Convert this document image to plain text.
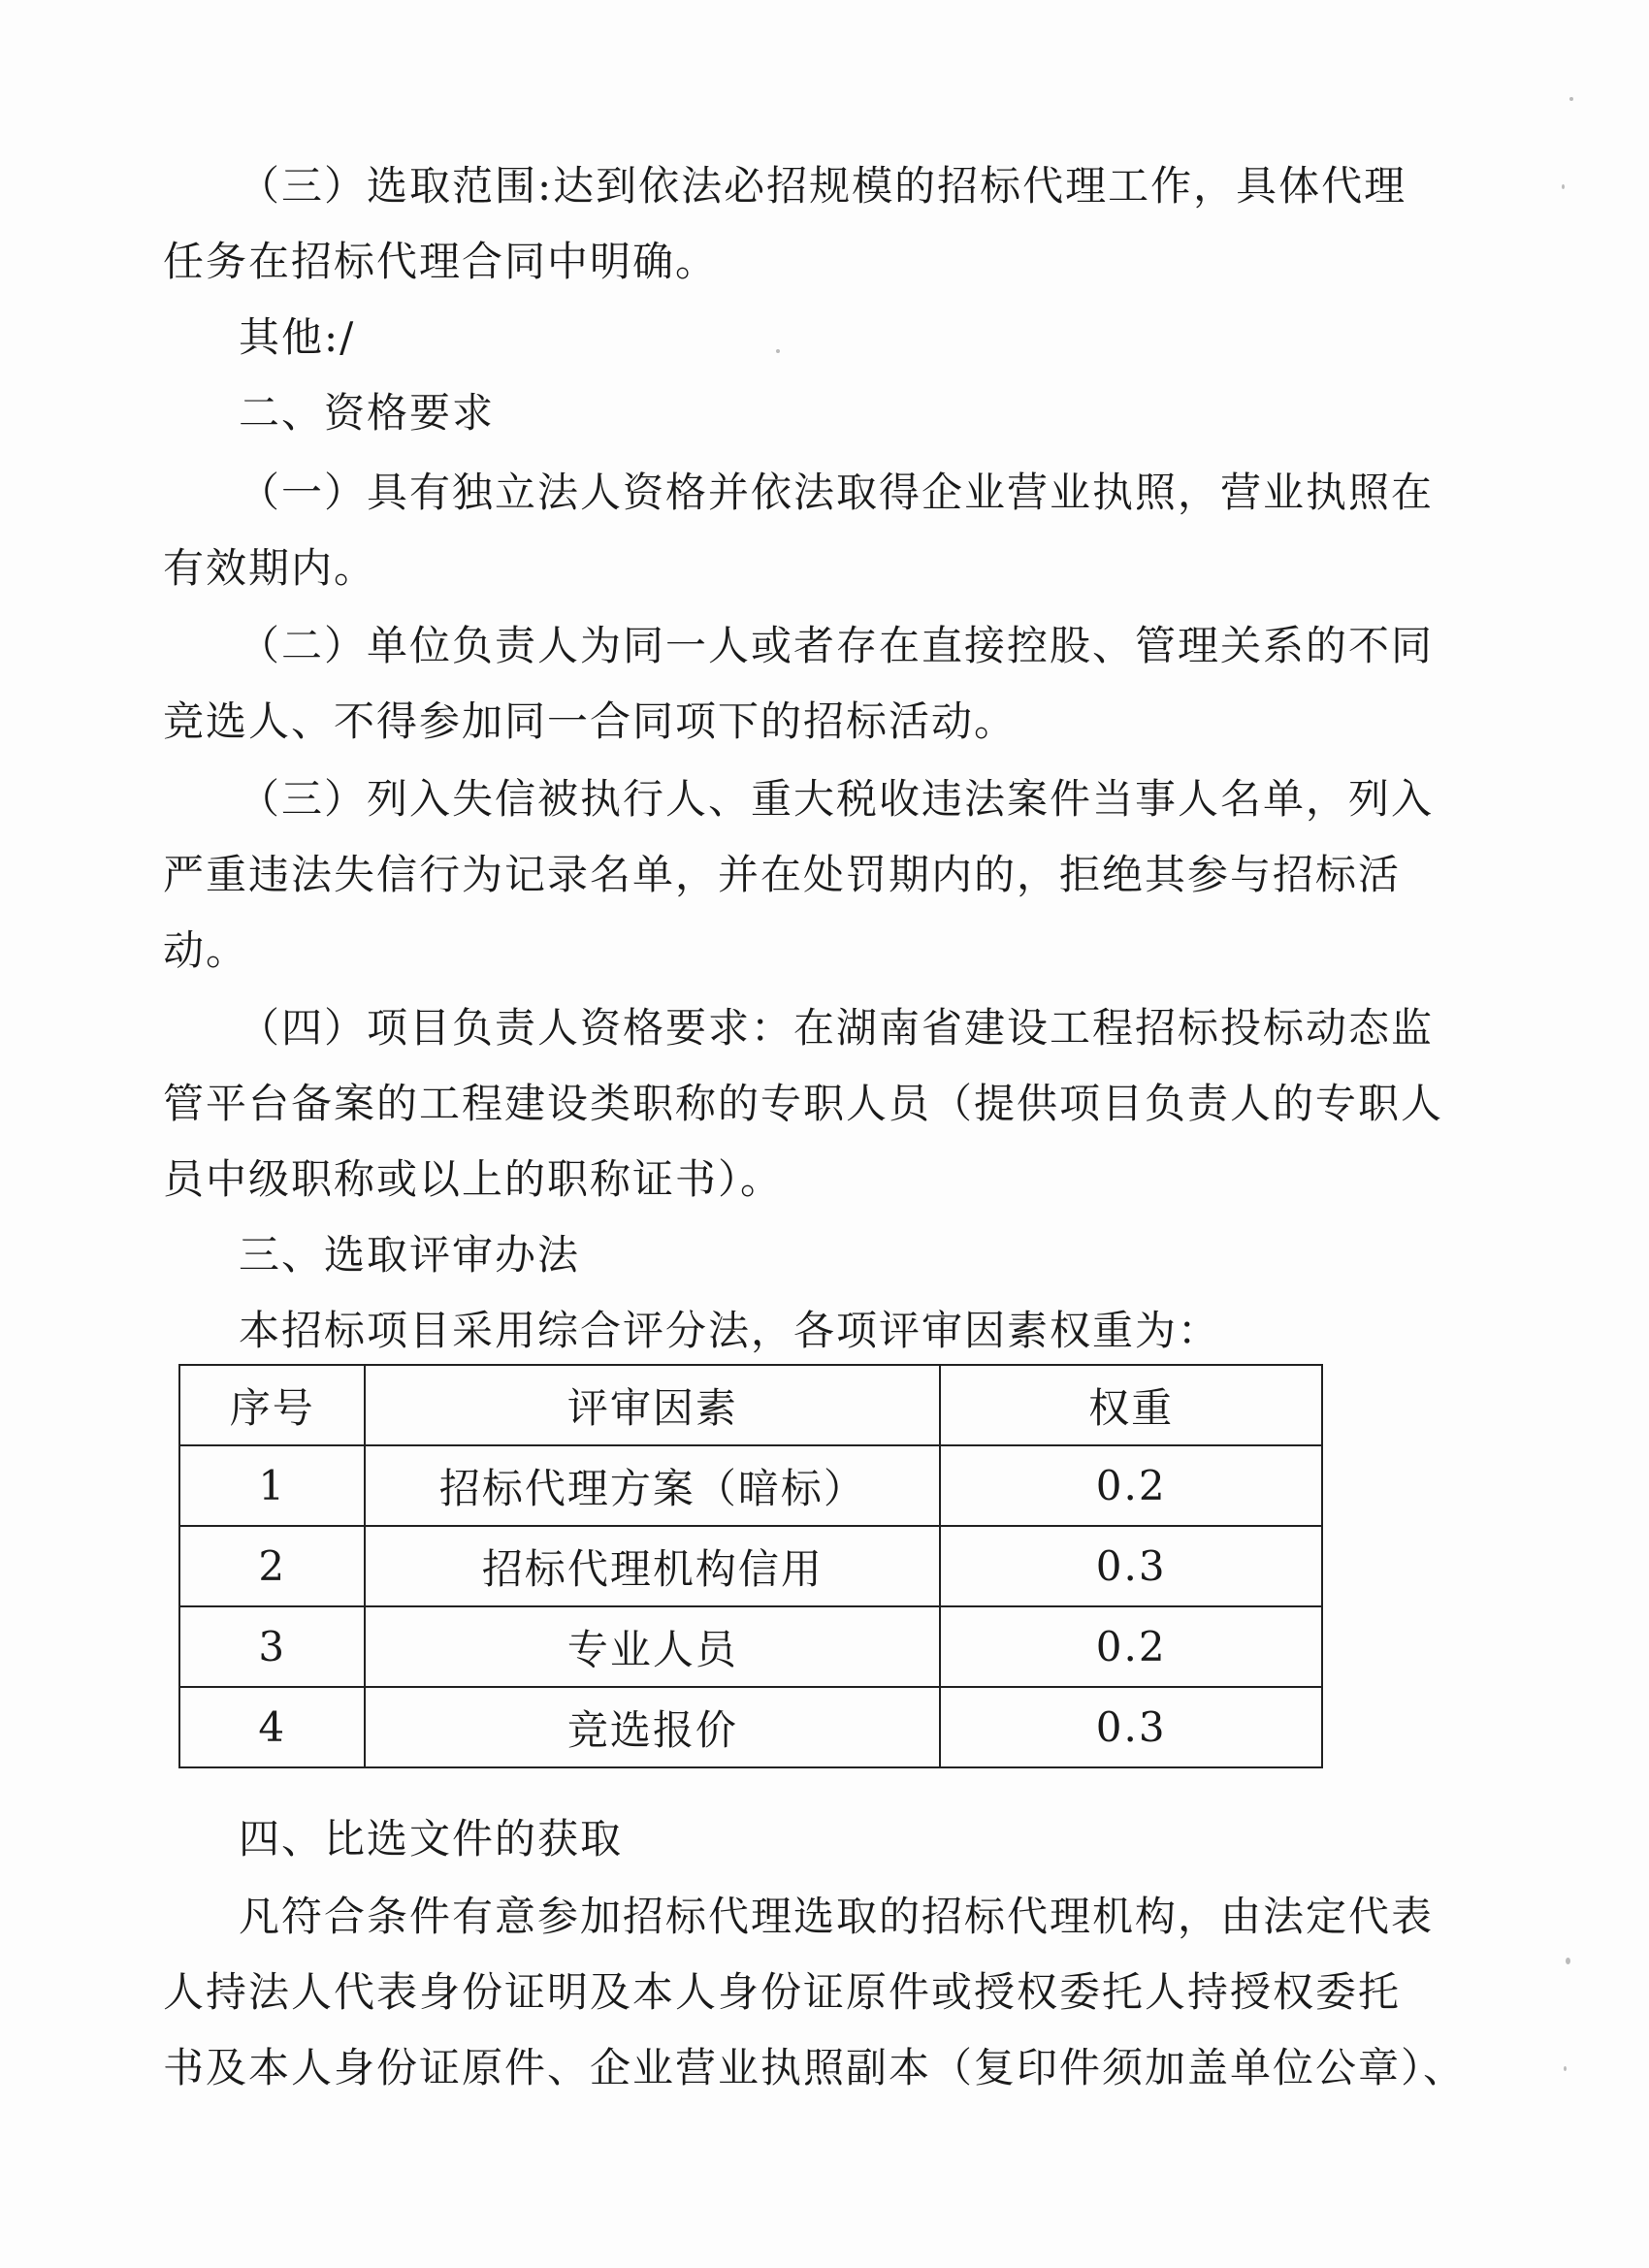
（三）选取范围:达到依法必招规模的招标代理工作，具体代理
任务在招标代理合同中明确。
其他:/
二、资格要求
（一）具有独立法人资格并依法取得企业营业执照，营业执照在
有效期内。
（二）单位负责人为同一人或者存在直接控股、管理关系的不同
竞选人、不得参加同一合同项下的招标活动。
（三）列入失信被执行人、重大税收违法案件当事人名单，列入
严重违法失信行为记录名单，并在处罚期内的，拒绝其参与招标活
动。
（四）项目负责人资格要求：在湖南省建设工程招标投标动态监
管平台备案的工程建设类职称的专职人员（提供项目负责人的专职人
员中级职称或以上的职称证书）。
三、选取评审办法
本招标项目采用综合评分法，各项评审因素权重为：
序号	评审因素	权重
1	招标代理方案（暗标）	0.2
2	招标代理机构信用	0.3
3	专业人员	0.2
4	竞选报价	0.3
四、比选文件的获取
凡符合条件有意参加招标代理选取的招标代理机构，由法定代表
人持法人代表身份证明及本人身份证原件或授权委托人持授权委托
书及本人身份证原件、企业营业执照副本（复印件须加盖单位公章）、
